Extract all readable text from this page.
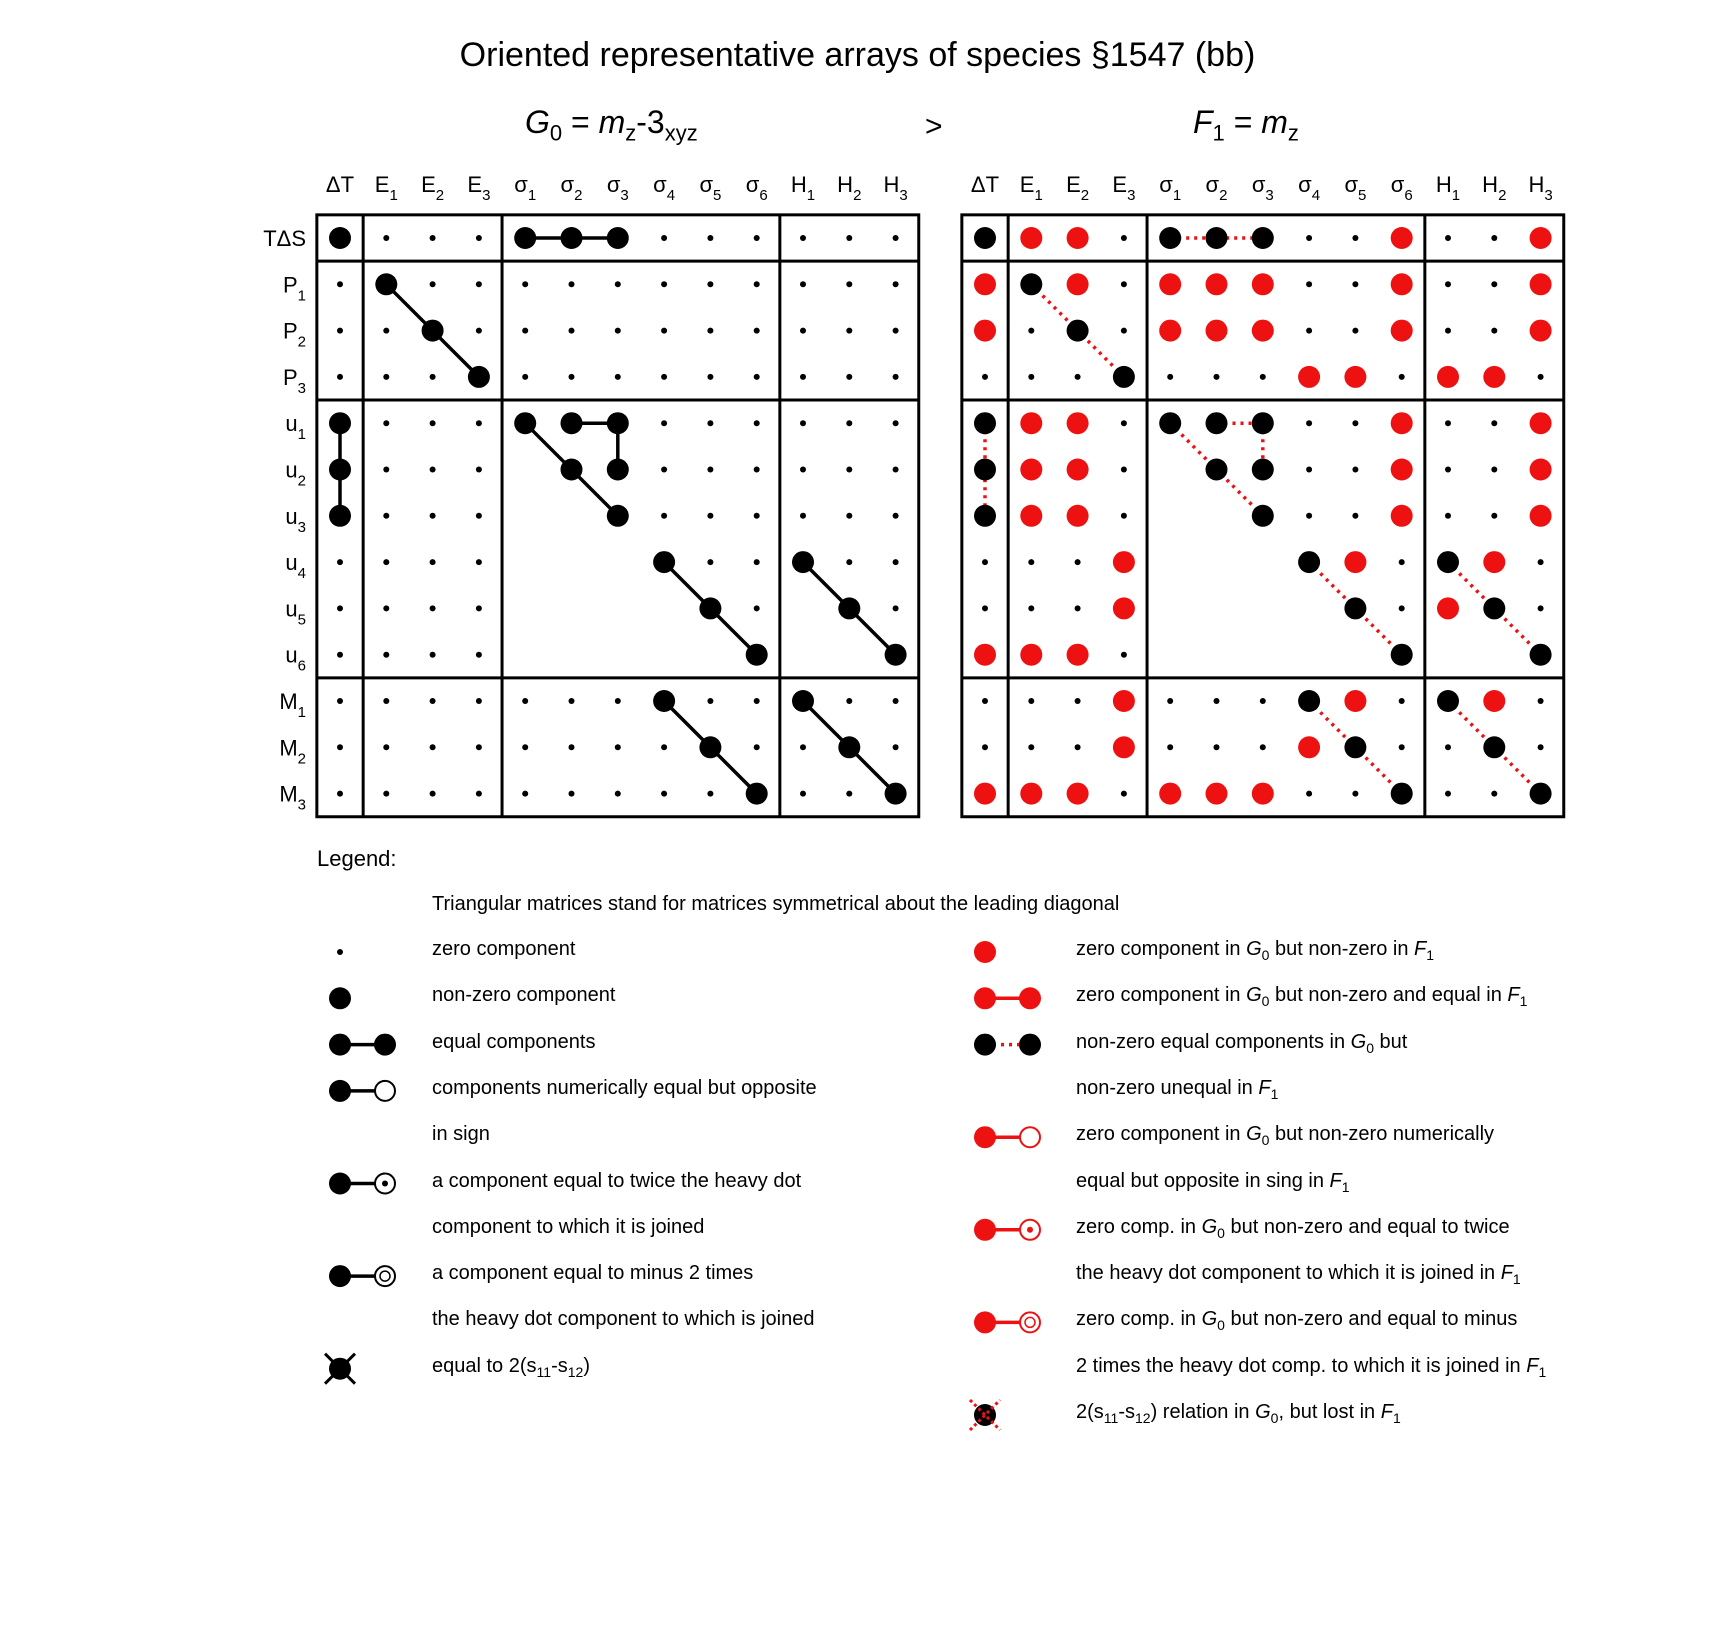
Oriented representative arrays of species §1547 (bb)
$G_0 = m_z-3_{xyz}$	>	$F_1 = m_z$
ΔT $E_1$ $E_2$ $E_3$ $\sigma_1$ $\sigma_2$ $\sigma_3$ $\sigma_4$ $\sigma_5$ $\sigma_6$ $H_1$ $H_2$ $H_3$
TΔS
$P_1$
$P_2$
$P_3$
$u_1$
$u_2$
$u_3$
$u_4$
$u_5$
$u_6$
$M_1$
$M_2$
$M_3$
ΔT $E_1$ $E_2$ $E_3$ $\sigma_1$ $\sigma_2$ $\sigma_3$ $\sigma_4$ $\sigma_5$ $\sigma_6$ $H_1$ $H_2$ $H_3$
Legend:
Triangular matrices stand for matrices symmetrical about the leading diagonal
zero component
non-zero component
equal components
components numerically equal but opposite
in sign
a component equal to twice the heavy dot
component to which it is joined
a component equal to minus 2 times
the heavy dot component to which is joined
equal to $2(s_{11}-s_{12})$
zero component in $G_0$ but non-zero in $F_1$
zero component in $G_0$ but non-zero and equal in $F_1$
non-zero equal components in $G_0$ but
non-zero unequal in $F_1$
zero component in $G_0$ but non-zero numerically
equal but opposite in sing in $F_1$
zero comp. in $G_0$ but non-zero and equal to twice
the heavy dot component to which it is joined in $F_1$
zero comp. in $G_0$ but non-zero and equal to minus
2 times the heavy dot comp. to which it is joined in $F_1$
$2(s_{11}-s_{12})$ relation in $G_0$, but lost in $F_1$
